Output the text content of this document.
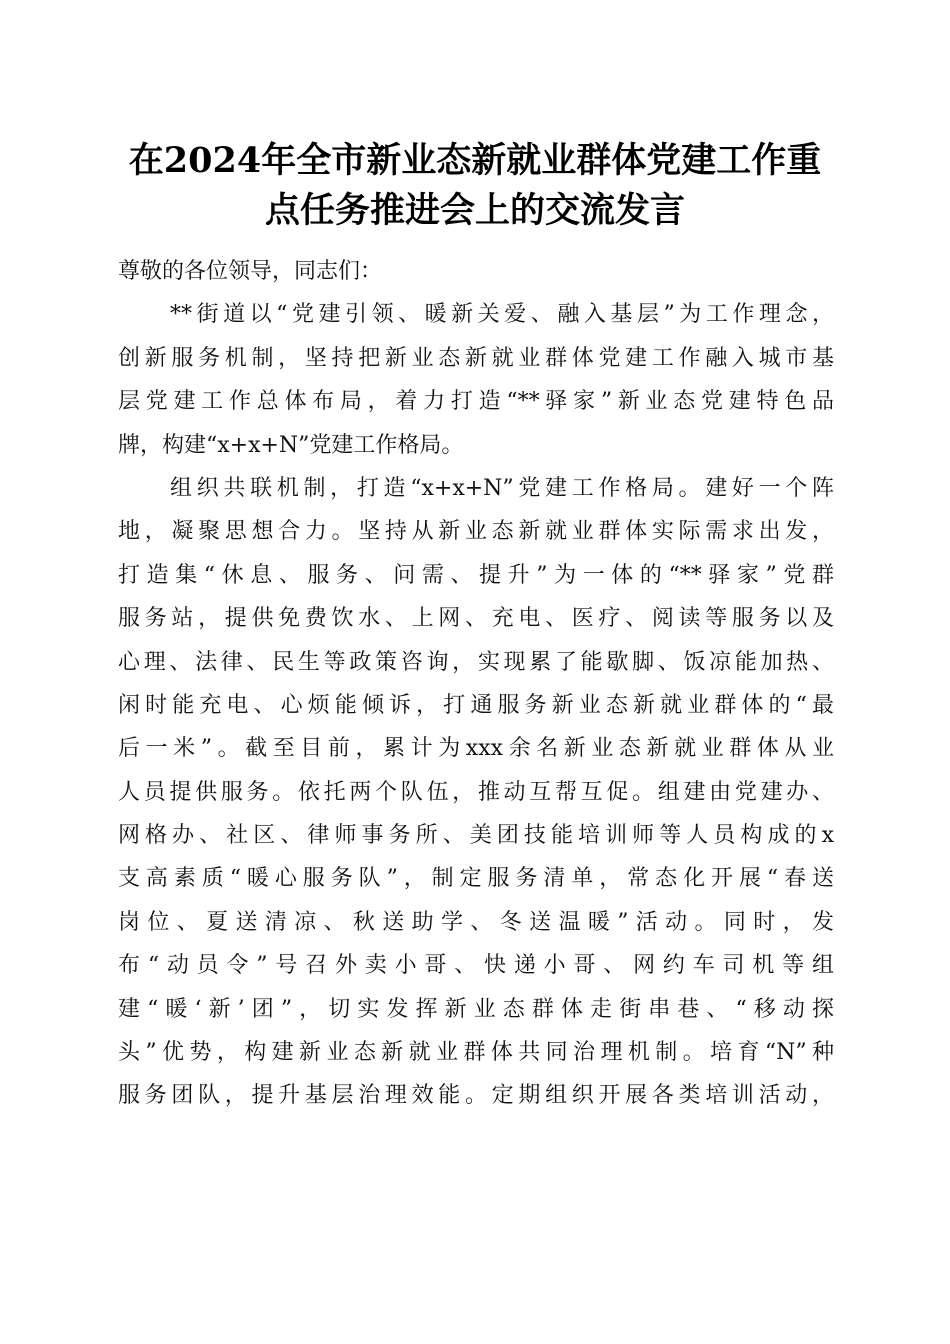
在2024年全市新业态新就业群体党建工作重
点任务推进会上的交流发言
尊敬的各位领导，同志们：
**街道以“党建引领、暖新关爱、融入基层”为工作理念，
创新服务机制，坚持把新业态新就业群体党建工作融入城市基
层党建工作总体布局，着力打造“**驿家”新业态党建特色品
牌，构建“x+x+N”党建工作格局。
组织共联机制，打造“x+x+N”党建工作格局。建好一个阵
地，凝聚思想合力。坚持从新业态新就业群体实际需求出发，
打造集“休息、服务、问需、提升”为一体的“**驿家”党群
服务站，提供免费饮水、上网、充电、医疗、阅读等服务以及
心理、法律、民生等政策咨询，实现累了能歇脚、饭凉能加热、
闲时能充电、心烦能倾诉，打通服务新业态新就业群体的“最
后一米”。截至目前，累计为xxx余名新业态新就业群体从业
人员提供服务。依托两个队伍，推动互帮互促。组建由党建办、
网格办、社区、律师事务所、美团技能培训师等人员构成的x
支高素质“暖心服务队”，制定服务清单，常态化开展“春送
岗位、夏送清凉、秋送助学、冬送温暖”活动。同时，发
布“动员令”号召外卖小哥、快递小哥、网约车司机等组
建“暖‘新’团”，切实发挥新业态群体走街串巷、“移动探
头”优势，构建新业态新就业群体共同治理机制。培育“N”种
服务团队，提升基层治理效能。定期组织开展各类培训活动，
